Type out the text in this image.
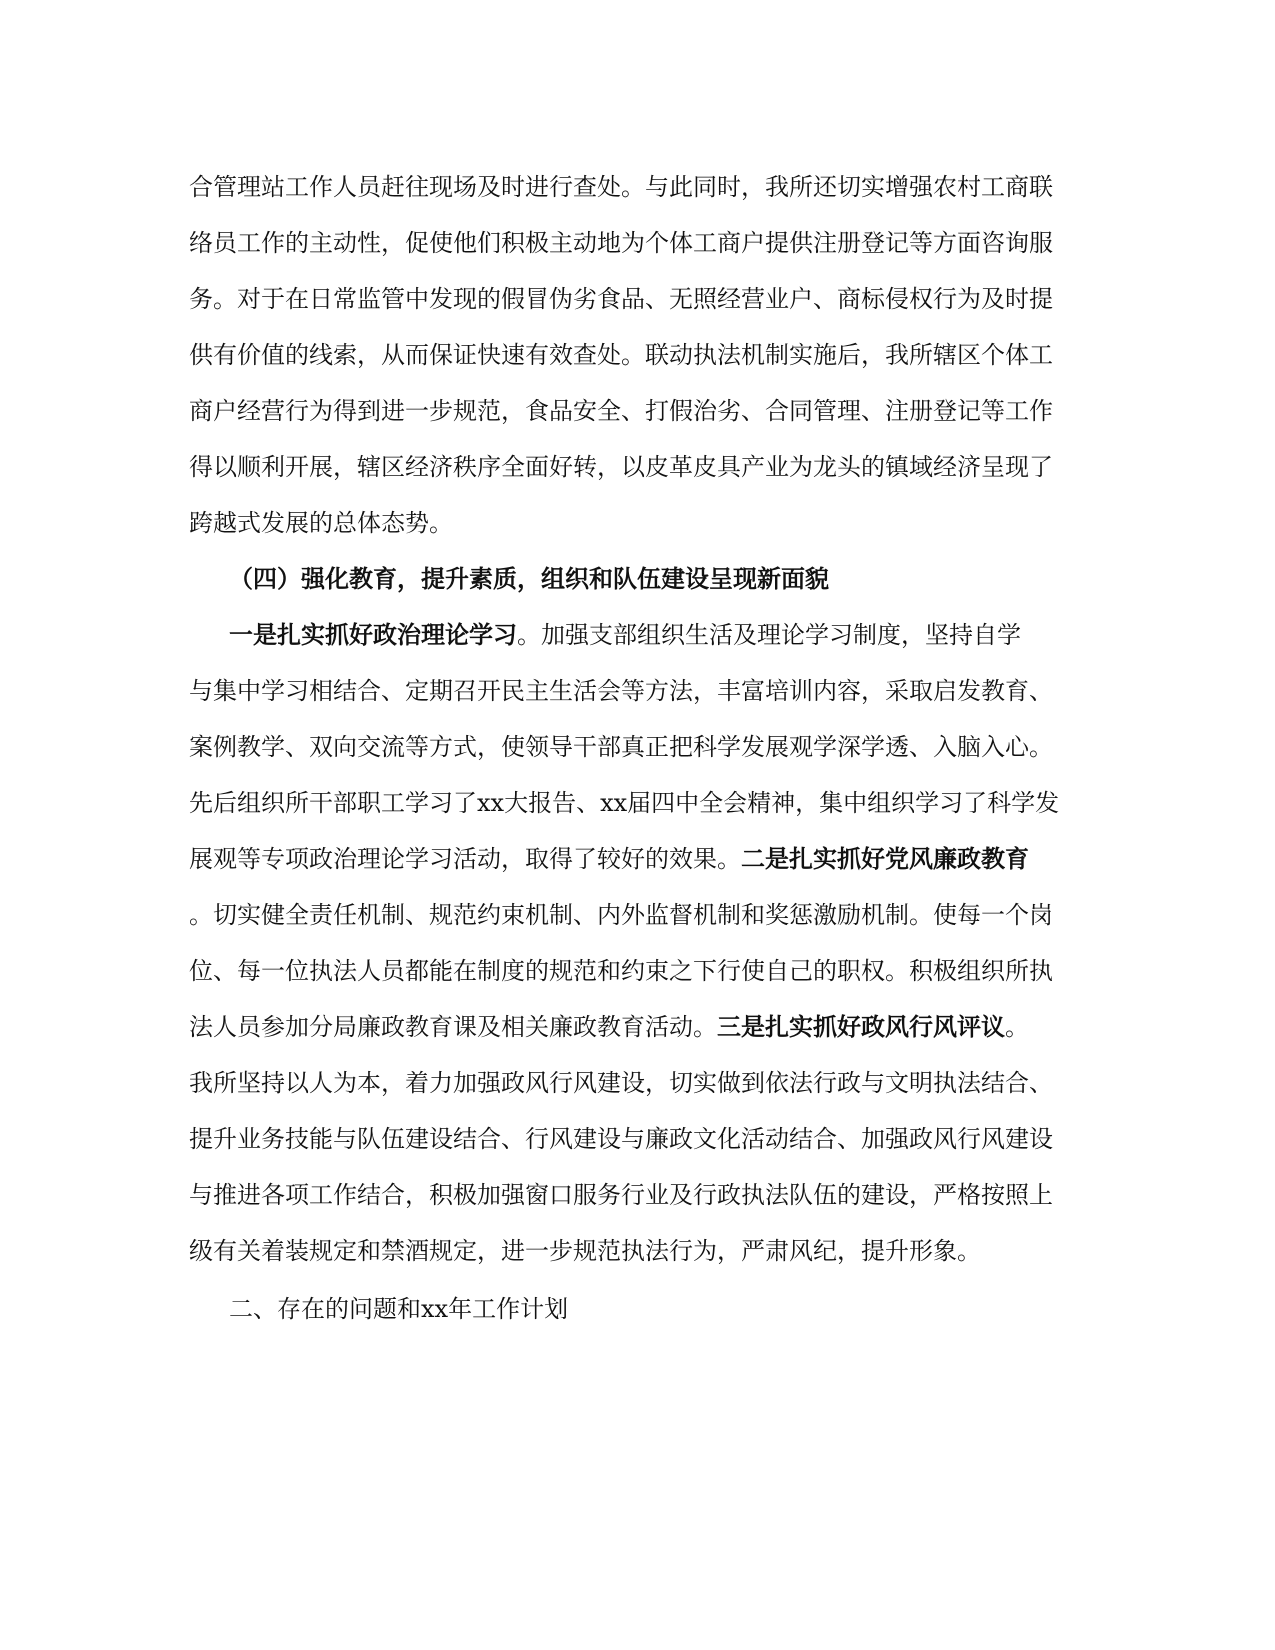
合管理站工作人员赶往现场及时进行查处。与此同时，我所还切实增强农村工商联
络员工作的主动性，促使他们积极主动地为个体工商户提供注册登记等方面咨询服
务。对于在日常监管中发现的假冒伪劣食品、无照经营业户、商标侵权行为及时提
供有价值的线索，从而保证快速有效查处。联动执法机制实施后，我所辖区个体工
商户经营行为得到进一步规范，食品安全、打假治劣、合同管理、注册登记等工作
得以顺利开展，辖区经济秩序全面好转，以皮革皮具产业为龙头的镇域经济呈现了
跨越式发展的总体态势。
（四）强化教育，提升素质，组织和队伍建设呈现新面貌
一是扎实抓好政治理论学习。加强支部组织生活及理论学习制度，坚持自学
与集中学习相结合、定期召开民主生活会等方法，丰富培训内容，采取启发教育、
案例教学、双向交流等方式，使领导干部真正把科学发展观学深学透、入脑入心。
先后组织所干部职工学习了xx大报告、xx届四中全会精神，集中组织学习了科学发
展观等专项政治理论学习活动，取得了较好的效果。二是扎实抓好党风廉政教育
。切实健全责任机制、规范约束机制、内外监督机制和奖惩激励机制。使每一个岗
位、每一位执法人员都能在制度的规范和约束之下行使自己的职权。积极组织所执
法人员参加分局廉政教育课及相关廉政教育活动。三是扎实抓好政风行风评议。
我所坚持以人为本，着力加强政风行风建设，切实做到依法行政与文明执法结合、
提升业务技能与队伍建设结合、行风建设与廉政文化活动结合、加强政风行风建设
与推进各项工作结合，积极加强窗口服务行业及行政执法队伍的建设，严格按照上
级有关着装规定和禁酒规定，进一步规范执法行为，严肃风纪，提升形象。
二、存在的问题和xx年工作计划
